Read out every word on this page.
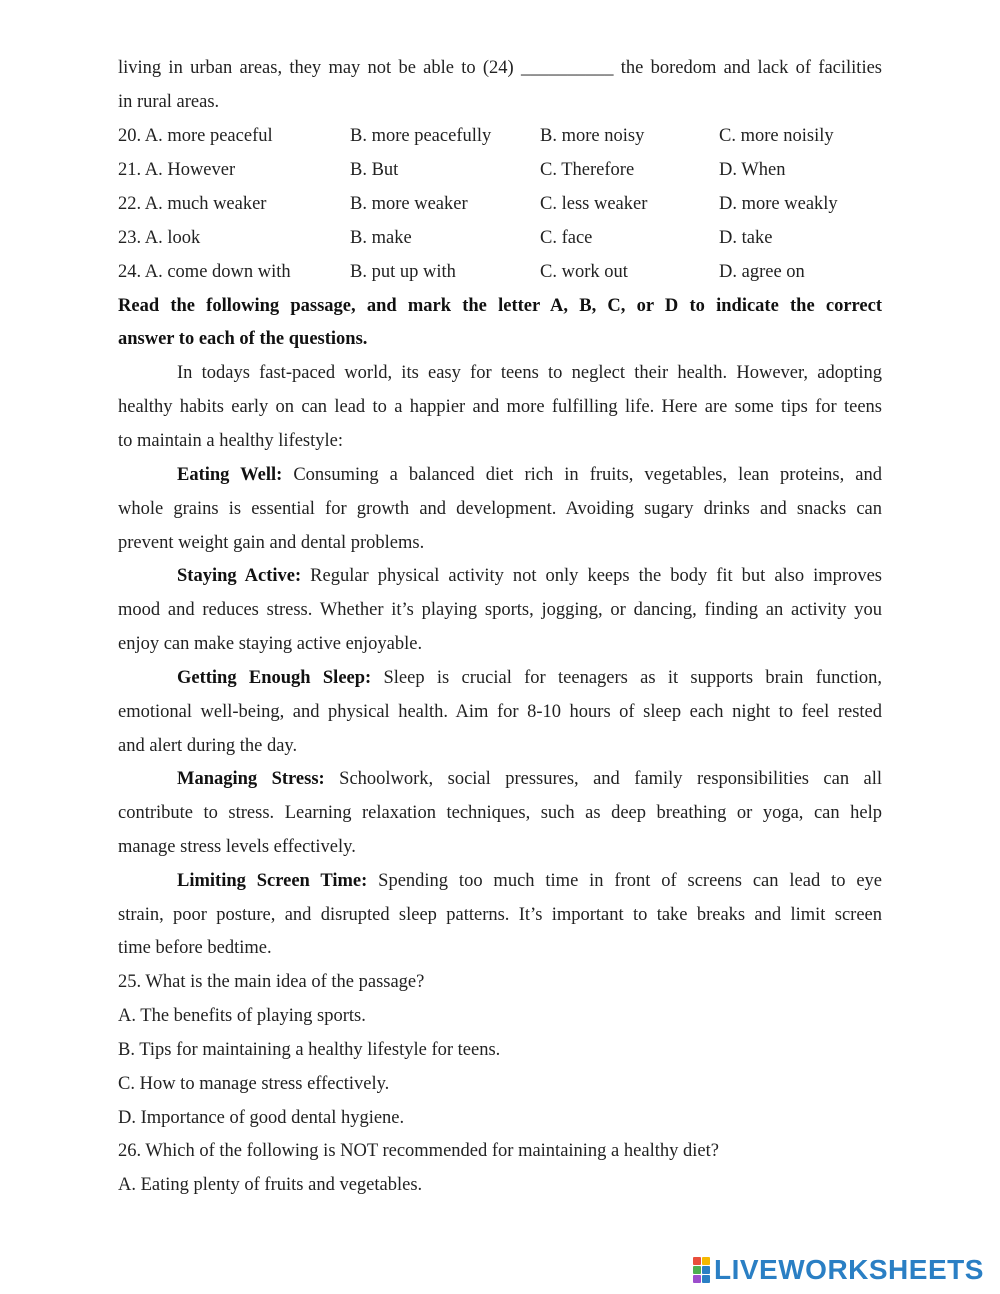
living in urban areas, they may not be able to (24) __________ the boredom and lack of facilities
in rural areas.
20. A. more peaceful	B. more peacefully	B. more noisy	C. more noisily
21. A. However	B. But	C. Therefore	D. When
22. A. much weaker	B. more weaker	C. less weaker	D. more weakly
23. A. look	B. make	C. face	D. take
24. A. come down with	B. put up with	C. work out	D. agree on
Read the following passage, and mark the letter A, B, C, or D to indicate the correct
answer to each of the questions.
In todays fast-paced world, its easy for teens to neglect their health. However, adopting
healthy habits early on can lead to a happier and more fulfilling life. Here are some tips for teens
to maintain a healthy lifestyle:
Eating Well: Consuming a balanced diet rich in fruits, vegetables, lean proteins, and
whole grains is essential for growth and development. Avoiding sugary drinks and snacks can
prevent weight gain and dental problems.
Staying Active: Regular physical activity not only keeps the body fit but also improves
mood and reduces stress. Whether it’s playing sports, jogging, or dancing, finding an activity you
enjoy can make staying active enjoyable.
Getting Enough Sleep: Sleep is crucial for teenagers as it supports brain function,
emotional well-being, and physical health. Aim for 8-10 hours of sleep each night to feel rested
and alert during the day.
Managing Stress: Schoolwork, social pressures, and family responsibilities can all
contribute to stress. Learning relaxation techniques, such as deep breathing or yoga, can help
manage stress levels effectively.
Limiting Screen Time: Spending too much time in front of screens can lead to eye
strain, poor posture, and disrupted sleep patterns. It’s important to take breaks and limit screen
time before bedtime.
25. What is the main idea of the passage?
A. The benefits of playing sports.
B. Tips for maintaining a healthy lifestyle for teens.
C. How to manage stress effectively.
D. Importance of good dental hygiene.
26. Which of the following is NOT recommended for maintaining a healthy diet?
A. Eating plenty of fruits and vegetables.
LIVEWORKSHEETS
